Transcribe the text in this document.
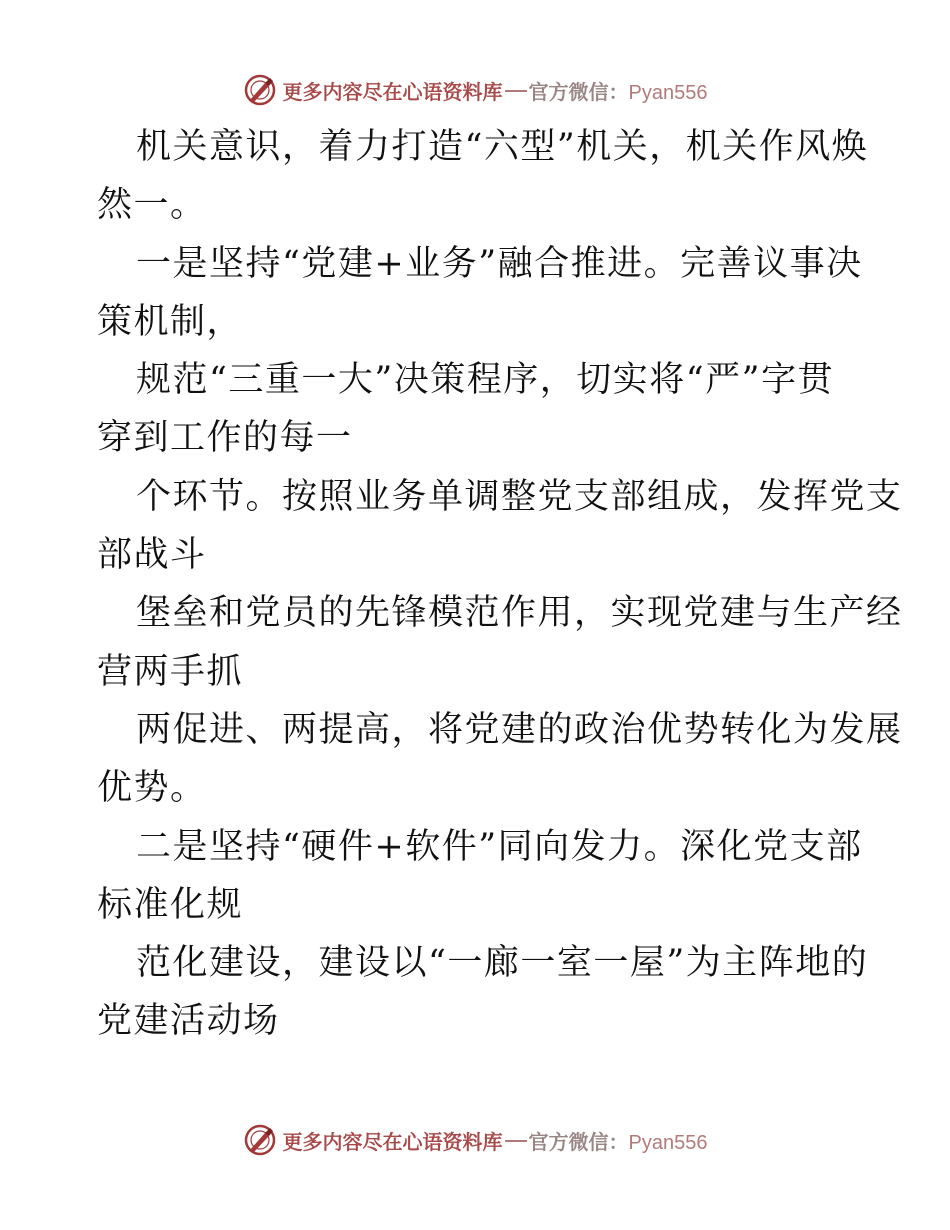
更多内容尽在心语资料库 官方微信：Pyan556
机关意识，着力打造“六型”机关，机关作风焕
然一。
一是坚持“党建+业务”融合推进。完善议事决
策机制，
规范“三重一大”决策程序，切实将“严”字贯
穿到工作的每一
个环节。按照业务单调整党支部组成，发挥党支
部战斗
堡垒和党员的先锋模范作用，实现党建与生产经
营两手抓
两促进、两提高，将党建的政治优势转化为发展
优势。
二是坚持“硬件+软件”同向发力。深化党支部
标准化规
范化建设，建设以“一廊一室一屋”为主阵地的
党建活动场
更多内容尽在心语资料库 官方微信：Pyan556
